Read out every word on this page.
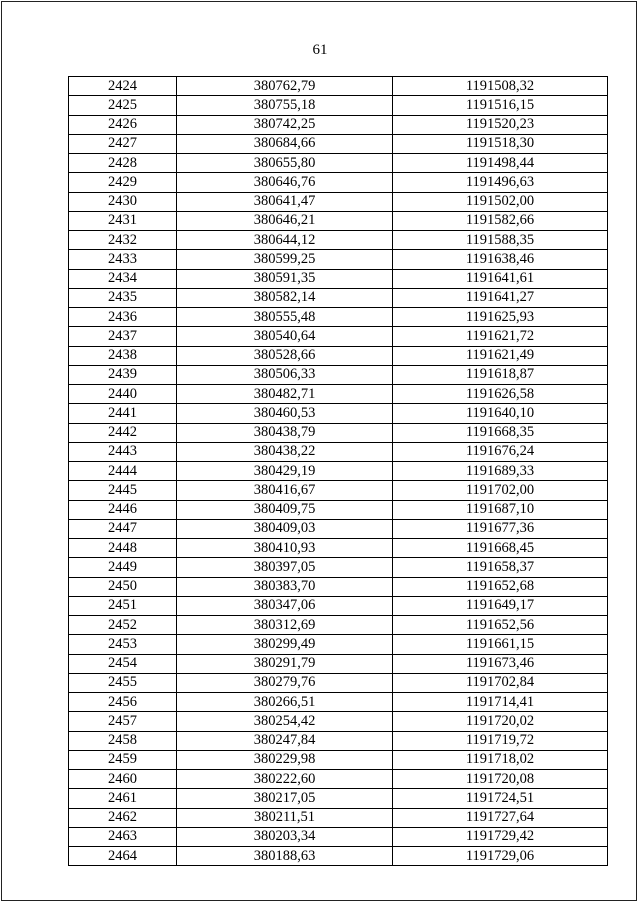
61
2424	380762,79	1191508,32
2425	380755,18	1191516,15
2426	380742,25	1191520,23
2427	380684,66	1191518,30
2428	380655,80	1191498,44
2429	380646,76	1191496,63
2430	380641,47	1191502,00
2431	380646,21	1191582,66
2432	380644,12	1191588,35
2433	380599,25	1191638,46
2434	380591,35	1191641,61
2435	380582,14	1191641,27
2436	380555,48	1191625,93
2437	380540,64	1191621,72
2438	380528,66	1191621,49
2439	380506,33	1191618,87
2440	380482,71	1191626,58
2441	380460,53	1191640,10
2442	380438,79	1191668,35
2443	380438,22	1191676,24
2444	380429,19	1191689,33
2445	380416,67	1191702,00
2446	380409,75	1191687,10
2447	380409,03	1191677,36
2448	380410,93	1191668,45
2449	380397,05	1191658,37
2450	380383,70	1191652,68
2451	380347,06	1191649,17
2452	380312,69	1191652,56
2453	380299,49	1191661,15
2454	380291,79	1191673,46
2455	380279,76	1191702,84
2456	380266,51	1191714,41
2457	380254,42	1191720,02
2458	380247,84	1191719,72
2459	380229,98	1191718,02
2460	380222,60	1191720,08
2461	380217,05	1191724,51
2462	380211,51	1191727,64
2463	380203,34	1191729,42
2464	380188,63	1191729,06
